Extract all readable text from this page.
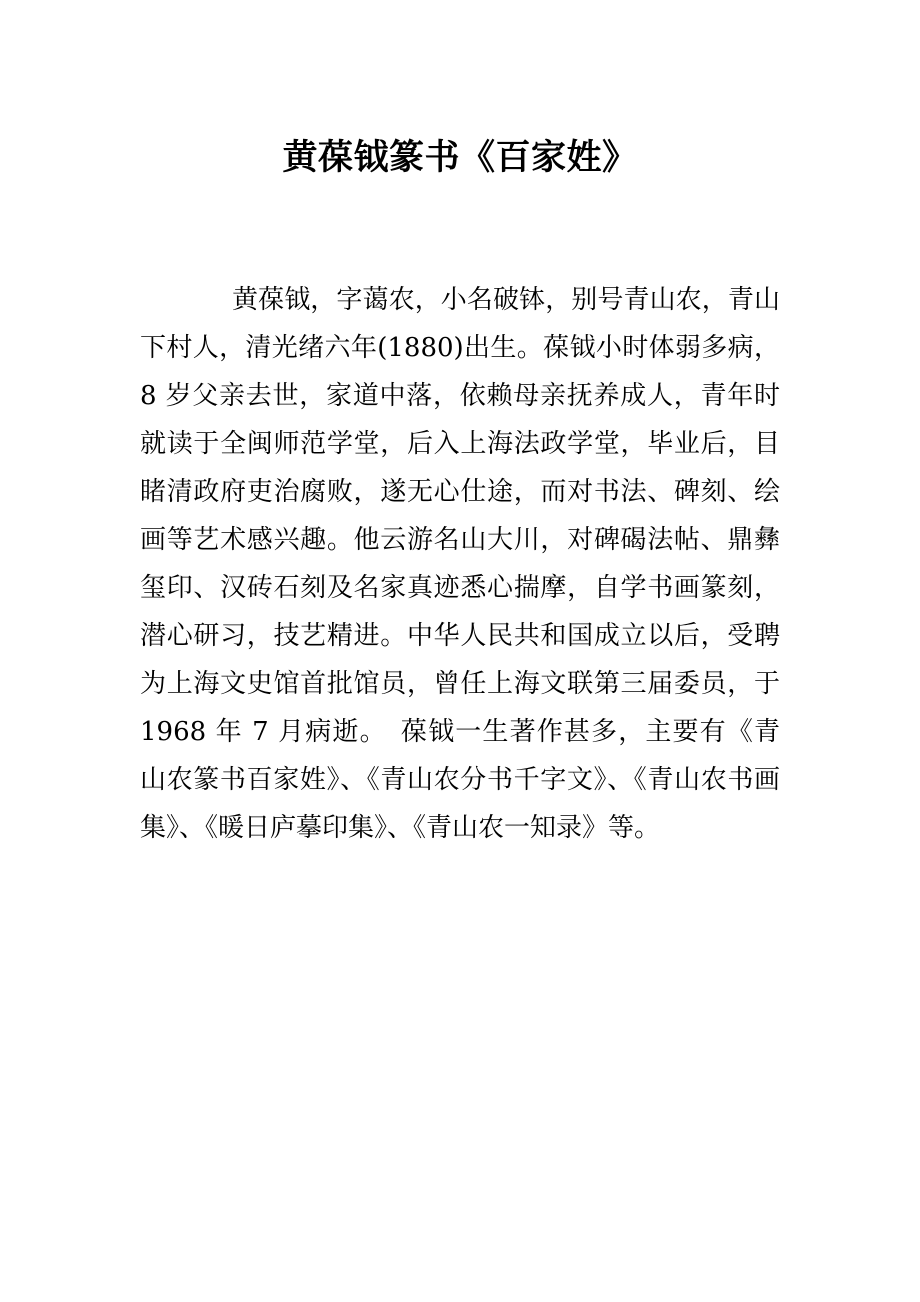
黄葆钺篆书《百家姓》

黄葆钺，字蔼农，小名破钵，别号青山农，青山下村人，清光绪六年(1880)出生。葆钺小时体弱多病，8 岁父亲去世，家道中落，依赖母亲抚养成人，青年时就读于全闽师范学堂，后入上海法政学堂，毕业后，目睹清政府吏治腐败，遂无心仕途，而对书法、碑刻、绘画等艺术感兴趣。他云游名山大川，对碑碣法帖、鼎彝玺印、汉砖石刻及名家真迹悉心揣摩，自学书画篆刻，潜心研习，技艺精进。中华人民共和国成立以后，受聘为上海文史馆首批馆员，曾任上海文联第三届委员，于 1968 年 7 月病逝。　葆钺一生著作甚多，主要有《青山农篆书百家姓》、《青山农分书千字文》、《青山农书画集》、《暖日庐摹印集》、《青山农一知录》等。
